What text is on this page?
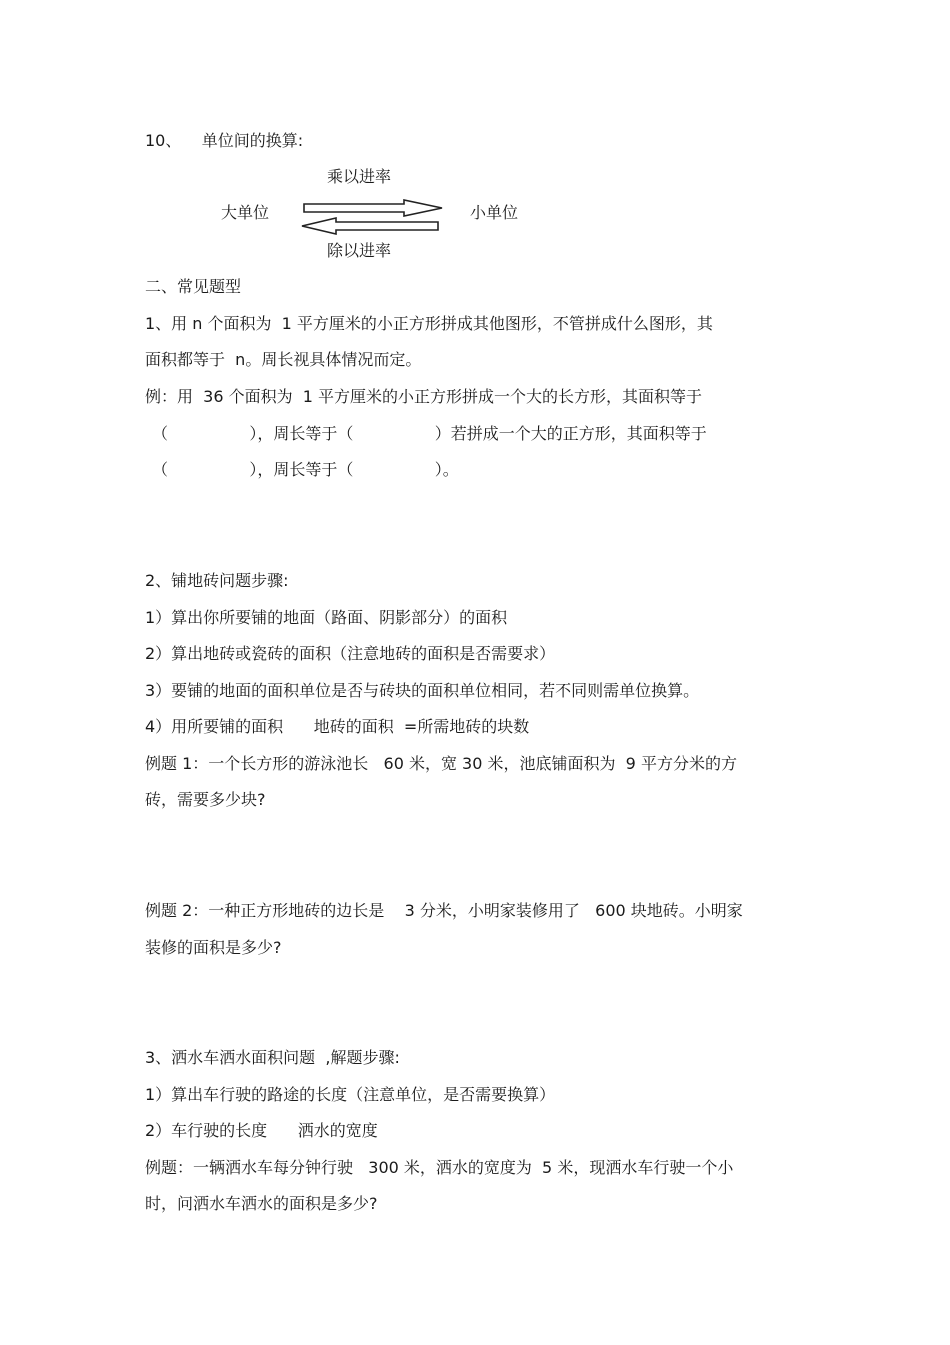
10、    单位间的换算:
乘以进率
大单位	小单位
除以进率
二、常见题型
1、用 n 个面积为  1 平方厘米的小正方形拼成其他图形，不管拼成什么图形，其
面积都等于  n。周长视具体情况而定。
例：用  36 个面积为  1 平方厘米的小正方形拼成一个大的长方形，其面积等于
（                ），周长等于（                ）若拼成一个大的正方形，其面积等于
（                ），周长等于（                ）。
2、铺地砖问题步骤:
1）算出你所要铺的地面（路面、阴影部分）的面积
2）算出地砖或瓷砖的面积（注意地砖的面积是否需要求）
3）要铺的地面的面积单位是否与砖块的面积单位相同，若不同则需单位换算。
4）用所要铺的面积      地砖的面积  =所需地砖的块数
例题 1：一个长方形的游泳池长   60 米，宽 30 米，池底铺面积为  9 平方分米的方
砖，需要多少块?
例题 2：一种正方形地砖的边长是    3 分米，小明家装修用了   600 块地砖。小明家
装修的面积是多少?
3、洒水车洒水面积问题  ,解题步骤:
1）算出车行驶的路途的长度（注意单位，是否需要换算）
2）车行驶的长度      洒水的宽度
例题：一辆洒水车每分钟行驶   300 米，洒水的宽度为  5 米，现洒水车行驶一个小
时，问洒水车洒水的面积是多少?
